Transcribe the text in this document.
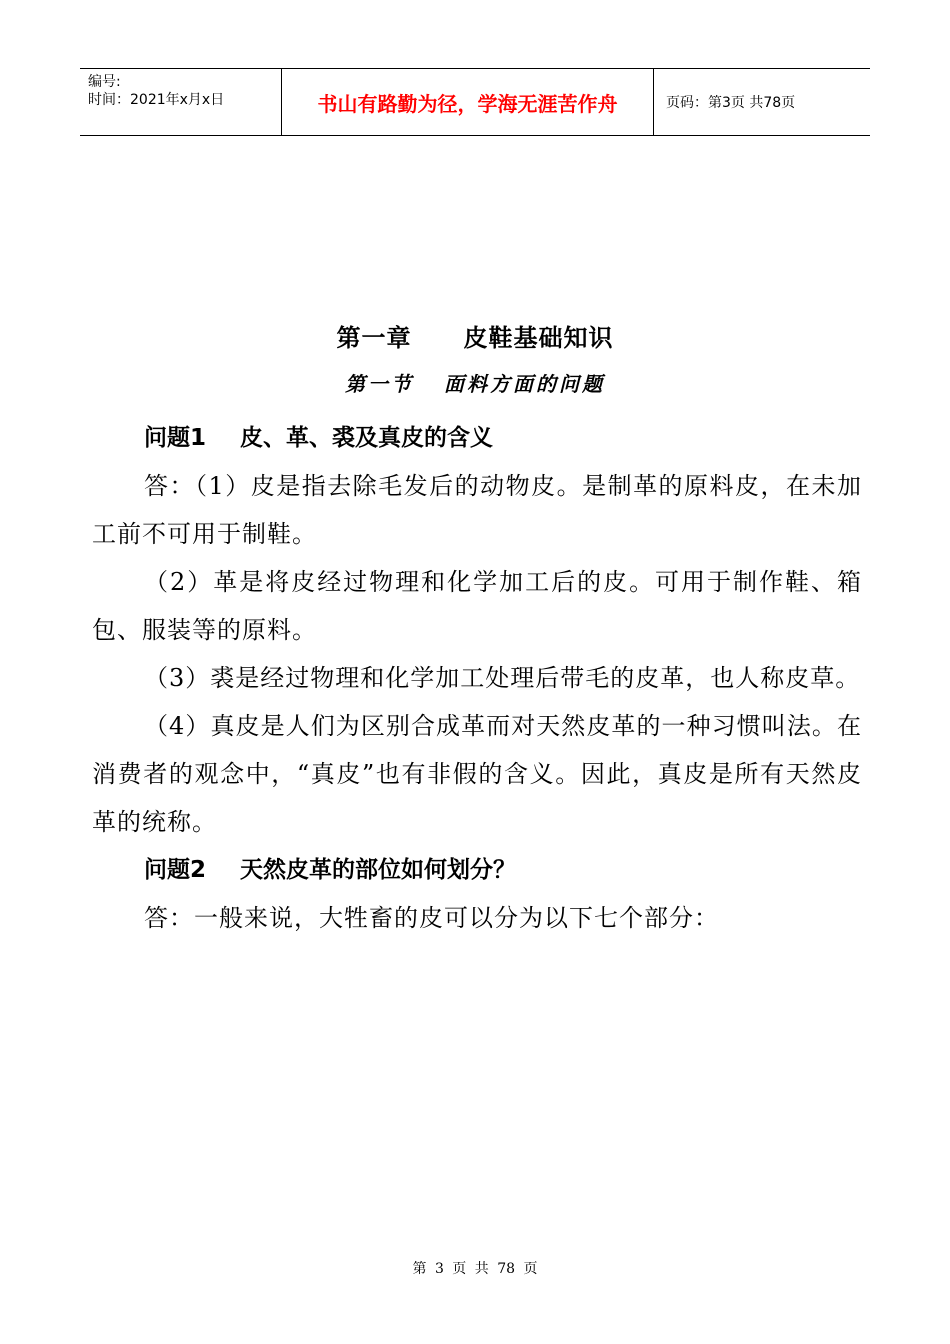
编号:
时间：2021年x月x日	书山有路勤为径，学海无涯苦作舟	页码：第3页 共78页
第一章 皮鞋基础知识
第一节 面料方面的问题

问题1 皮、革、裘及真皮的含义

答：（1）皮是指去除毛发后的动物皮。是制革的原料皮，在未加工前不可用于制鞋。

（2）革是将皮经过物理和化学加工后的皮。可用于制作鞋、箱包、服装等的原料。

（3）裘是经过物理和化学加工处理后带毛的皮革，也人称皮草。

（4）真皮是人们为区别合成革而对天然皮革的一种习惯叫法。在消费者的观念中，“真皮”也有非假的含义。因此，真皮是所有天然皮革的统称。

问题2 天然皮革的部位如何划分？

答：一般来说，大牲畜的皮可以分为以下七个部分：

第 3 页 共 78 页
